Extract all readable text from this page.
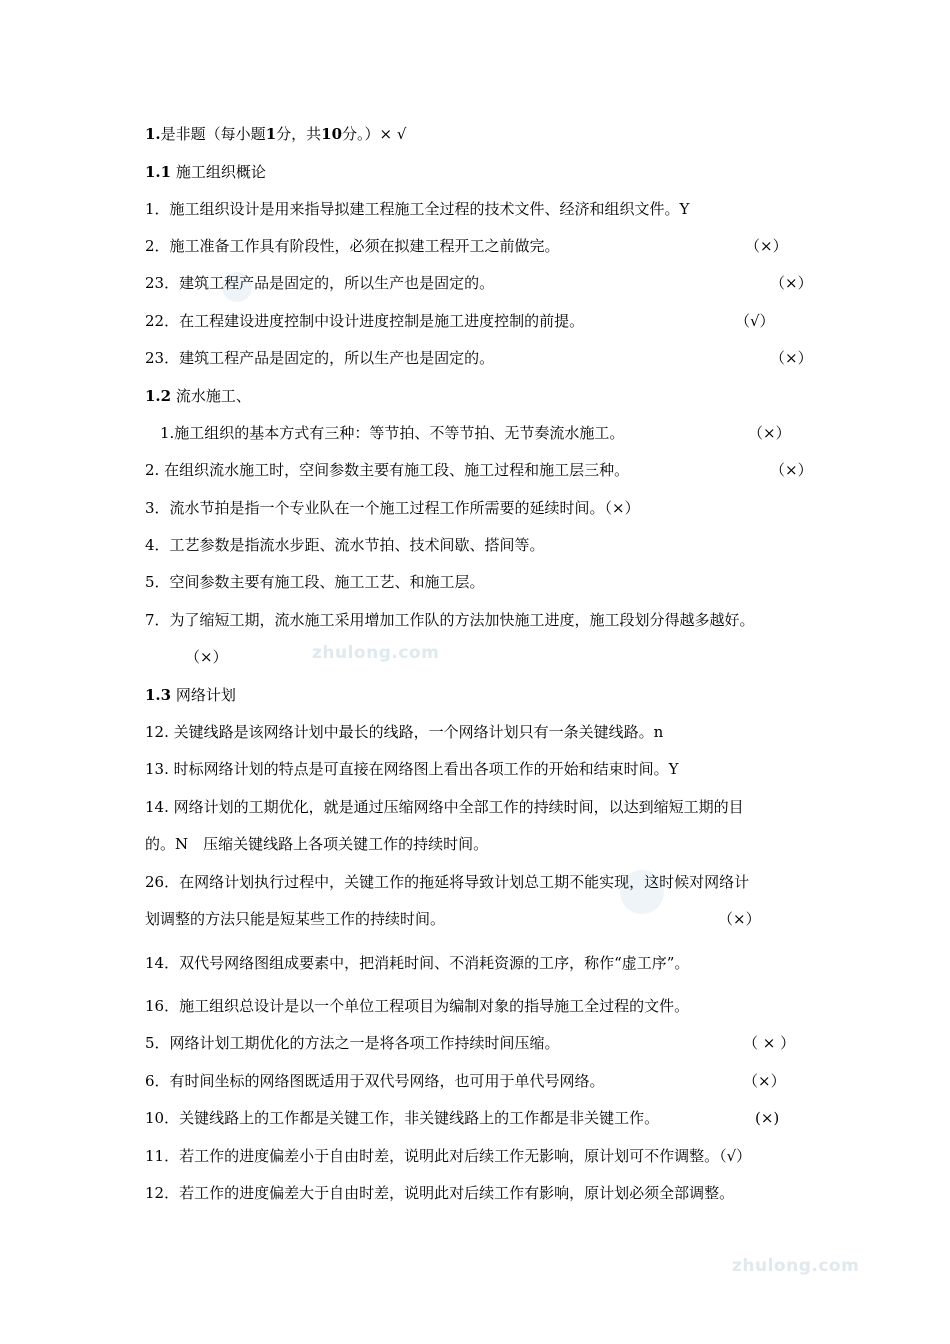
zhulong.com
zhulong.com
1.是非题（每小题1分，共10分。）× √
1.1 施工组织概论
1．施工组织设计是用来指导拟建工程施工全过程的技术文件、经济和组织文件。Y
2．施工准备工作具有阶段性，必须在拟建工程开工之前做完。	（×）
23．建筑工程产品是固定的，所以生产也是固定的。	（×）
22．在工程建设进度控制中设计进度控制是施工进度控制的前提。	（√）
23．建筑工程产品是固定的，所以生产也是固定的。	（×）
1.2 流水施工、
1.施工组织的基本方式有三种：等节拍、不等节拍、无节奏流水施工。	（×）
2. 在组织流水施工时，空间参数主要有施工段、施工过程和施工层三种。	（×）
3．流水节拍是指一个专业队在一个施工过程工作所需要的延续时间。（×）
4．工艺参数是指流水步距、流水节拍、技术间歇、搭间等。
5．空间参数主要有施工段、施工工艺、和施工层。
7．为了缩短工期，流水施工采用增加工作队的方法加快施工进度，施工段划分得越多越好。
（×）
1.3 网络计划
12. 关键线路是该网络计划中最长的线路，一个网络计划只有一条关键线路。n
13. 时标网络计划的特点是可直接在网络图上看出各项工作的开始和结束时间。Y
14. 网络计划的工期优化，就是通过压缩网络中全部工作的持续时间，以达到缩短工期的目
的。N　压缩关键线路上各项关键工作的持续时间。
26．在网络计划执行过程中，关键工作的拖延将导致计划总工期不能实现，这时候对网络计
划调整的方法只能是短某些工作的持续时间。	（×）
14．双代号网络图组成要素中，把消耗时间、不消耗资源的工序，称作“虚工序”。
16．施工组织总设计是以一个单位工程项目为编制对象的指导施工全过程的文件。
5．网络计划工期优化的方法之一是将各项工作持续时间压缩。	（ × ）
6．有时间坐标的网络图既适用于双代号网络，也可用于单代号网络。	（×）
10．关键线路上的工作都是关键工作，非关键线路上的工作都是非关键工作。	(×)
11．若工作的进度偏差小于自由时差，说明此对后续工作无影响，原计划可不作调整。（√）
12．若工作的进度偏差大于自由时差，说明此对后续工作有影响，原计划必须全部调整。
